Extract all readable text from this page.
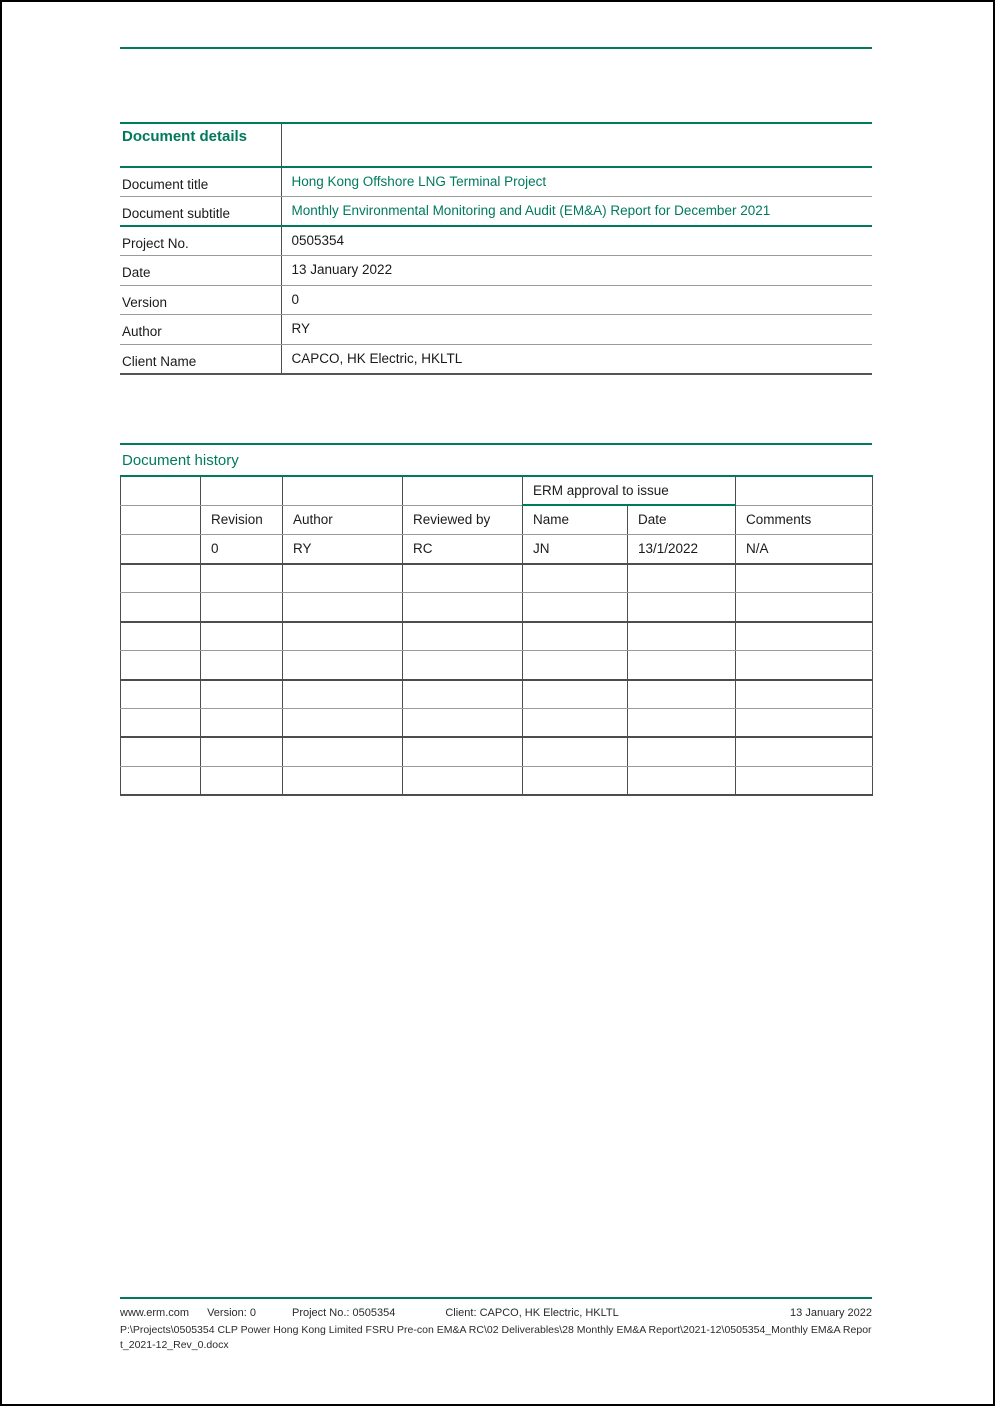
Document details	
Document title	Hong Kong Offshore LNG Terminal Project
Document subtitle	Monthly Environmental Monitoring and Audit (EM&A) Report for December 2021
Project No.	0505354
Date	13 January 2022
Version	0
Author	RY
Client Name	CAPCO, HK Electric, HKLTL
Document history
				ERM approval to issue		
	Revision	Author	Reviewed by	Name	Date	Comments
	0	RY	RC	JN	13/1/2022	N/A

www.erm.com Version: 0	Project No.: 0505354	Client: CAPCO, HK Electric, HKLTL	13 January 2022
P:\Projects\0505354 CLP Power Hong Kong Limited FSRU Pre-con EM&A RC\02 Deliverables\28 Monthly EM&A Report\2021-12\0505354_Monthly EM&A Report_2021-12_Rev_0.docx
